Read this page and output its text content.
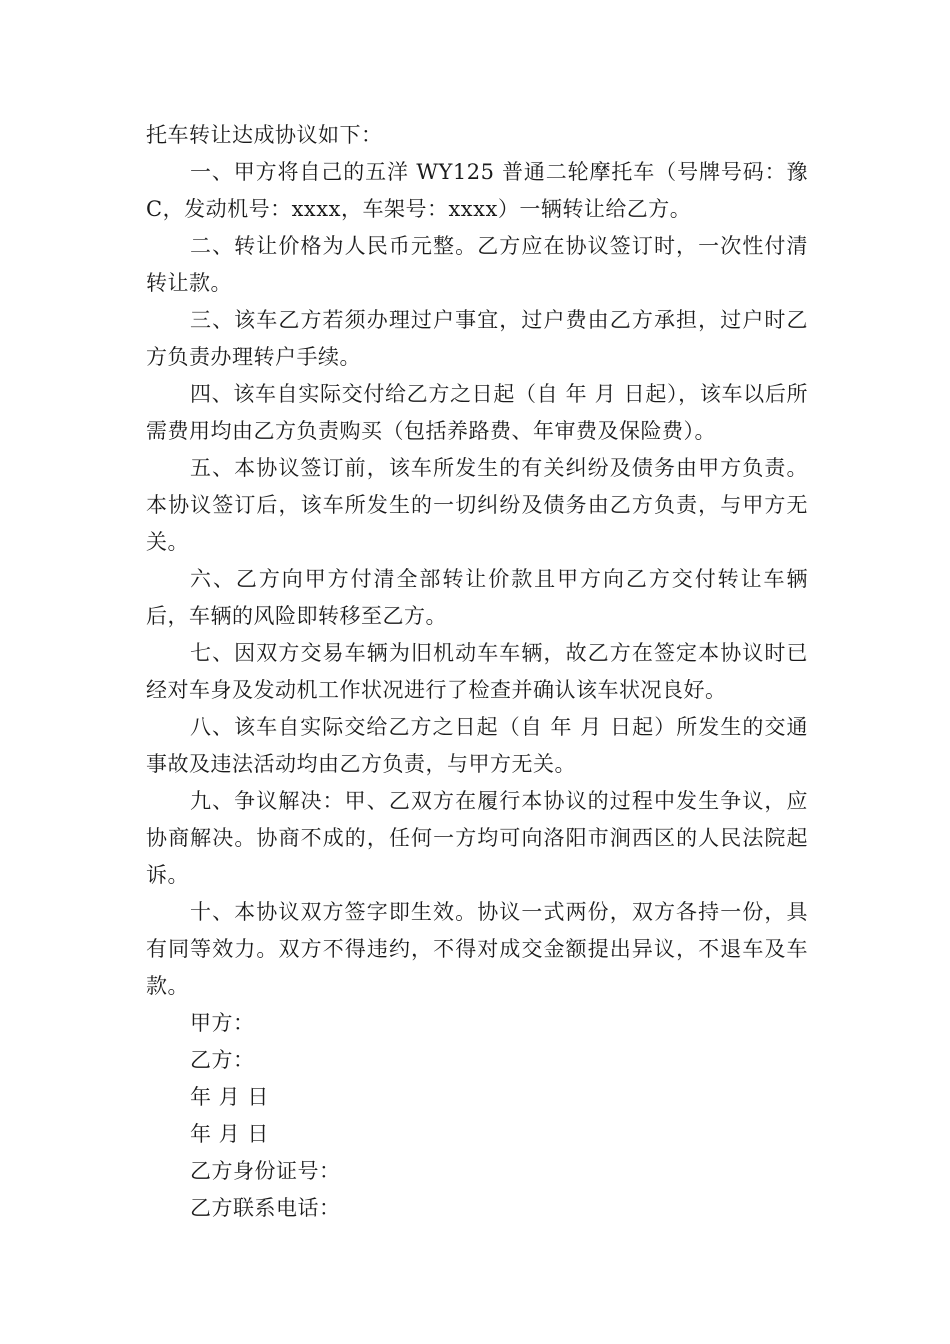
托车转让达成协议如下：

一、甲方将自己的五洋 WY125 普通二轮摩托车（号牌号码：豫 C，发动机号：xxxx，车架号：xxxx）一辆转让给乙方。

二、转让价格为人民币元整。乙方应在协议签订时，一次性付清转让款。

三、该车乙方若须办理过户事宜，过户费由乙方承担，过户时乙方负责办理转户手续。

四、该车自实际交付给乙方之日起（自 年 月 日起），该车以后所需费用均由乙方负责购买（包括养路费、年审费及保险费）。

五、本协议签订前，该车所发生的有关纠纷及债务由甲方负责。本协议签订后，该车所发生的一切纠纷及债务由乙方负责，与甲方无关。

六、乙方向甲方付清全部转让价款且甲方向乙方交付转让车辆后，车辆的风险即转移至乙方。

七、因双方交易车辆为旧机动车车辆，故乙方在签定本协议时已经对车身及发动机工作状况进行了检查并确认该车状况良好。

八、该车自实际交给乙方之日起（自 年 月 日起）所发生的交通事故及违法活动均由乙方负责，与甲方无关。

九、争议解决：甲、乙双方在履行本协议的过程中发生争议，应协商解决。协商不成的，任何一方均可向洛阳市涧西区的人民法院起诉。

十、本协议双方签字即生效。协议一式两份，双方各持一份，具有同等效力。双方不得违约，不得对成交金额提出异议，不退车及车款。

甲方：

乙方：

年 月 日

年 月 日

乙方身份证号：

乙方联系电话：
